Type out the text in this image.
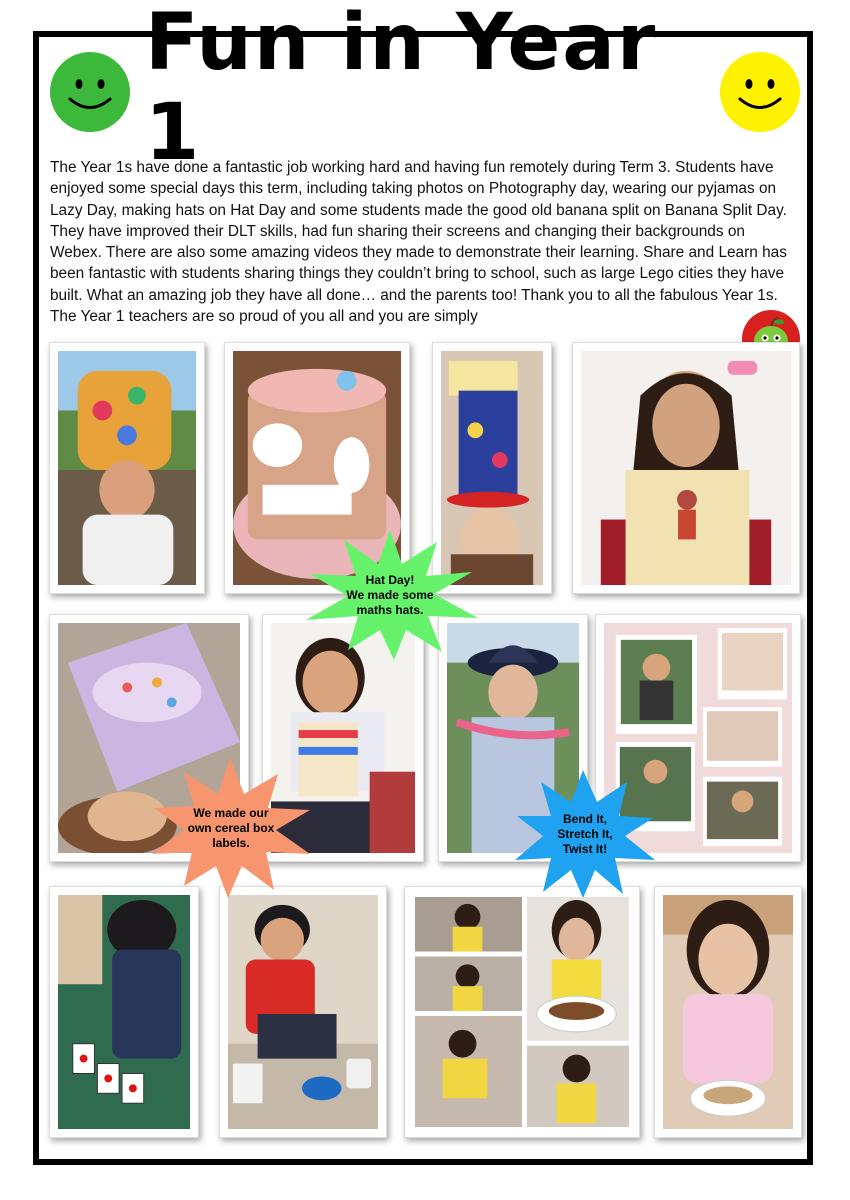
Fun in Year 1

The Year 1s have done a fantastic job working hard and having fun remotely during Term 3. Students have enjoyed some special days this term, including taking photos on Photography day, wearing our pyjamas on Lazy Day, making hats on Hat Day and some students made the good old banana split on Banana Split Day. They have improved their DLT skills, had fun sharing their screens and changing their backgrounds on Webex. There are also some amazing videos they made to demonstrate their learning. Share and Learn has been fantastic with students sharing things they couldn’t bring to school, such as large Lego cities they have built. What an amazing job they have all done… and the parents too! Thank you to all the fabulous Year 1s. The Year 1 teachers are so proud of you all and you are simply

Hat Day!
We made some
maths hats.
We made our
own cereal box
labels.
Bend It,
Stretch It,
Twist It!
